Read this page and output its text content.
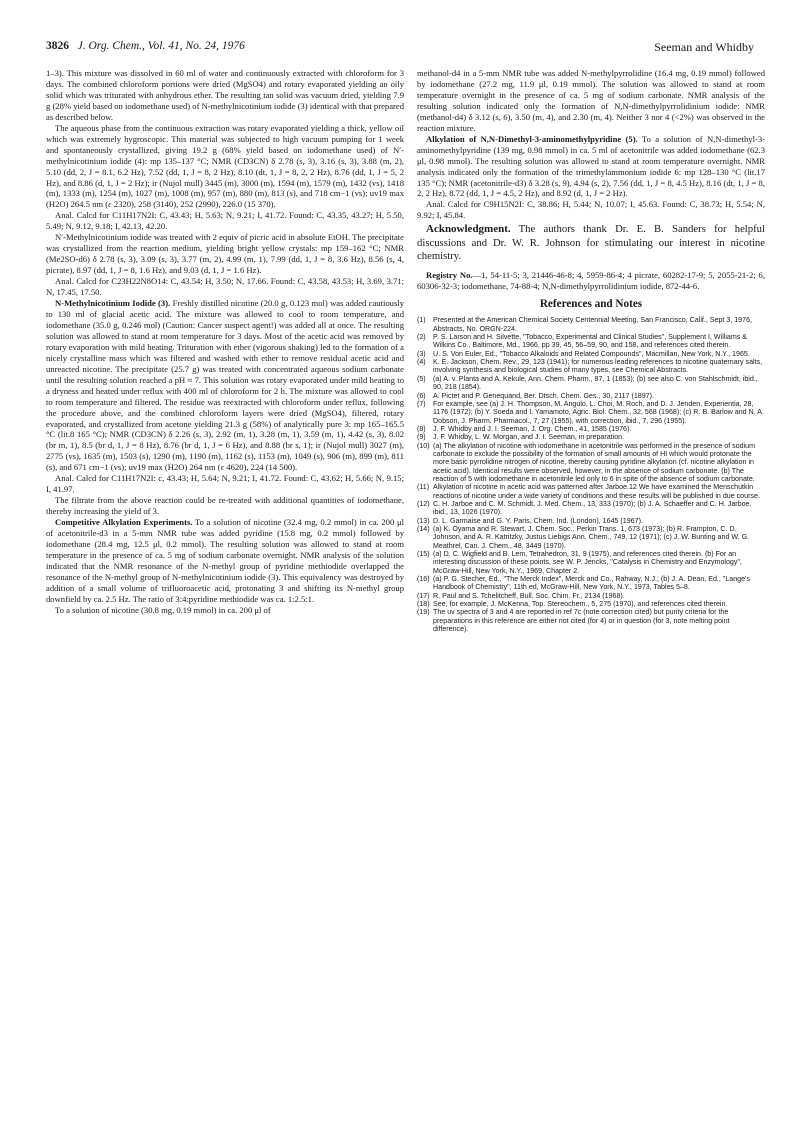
3826 J. Org. Chem., Vol. 41, No. 24, 1976	Seeman and Whidby

1–3). This mixture was dissolved in 60 ml of water and continuously extracted with chloroform for 3 days. The combined chloroform portions were dried (MgSO4) and rotary evaporated yielding an oily solid which was triturated with anhydrous ether. The resulting tan solid was vacuum dried, yielding 7.9 g (28% yield based on iodomethane used) of N-methylnicotinium iodide (3) identical with that prepared as described below.

The aqueous phase from the continuous extraction was rotary evaporated yielding a thick, yellow oil which was extremely hygroscopic. This material was subjected to high vacuum pumping for 1 week and spontaneously crystallized, giving 19.2 g (68% yield based on iodomethane used) of N′-methylnicotinium iodide (4): mp 135–137 °C; NMR (CD3CN) δ 2.78 (s, 3), 3.16 (s, 3), 3.88 (m, 2), 5.10 (dd, 2, J = 8.1, 6.2 Hz), 7.52 (dd, 1, J = 8, 2 Hz), 8.10 (dt, 1, J = 8, 2, 2 Hz), 8.76 (dd, 1, J = 5, 2 Hz), and 8.86 (d, 1, J = 2 Hz); ir (Nujol mull) 3445 (m), 3000 (m), 1594 (m), 1579 (m), 1432 (vs), 1418 (m), 1333 (m), 1254 (m), 1027 (m), 1008 (m), 957 (m), 880 (m), 813 (s), and 718 cm−1 (vs); uv19 max (H2O) 264.5 nm (ε 2320), 258 (3140), 252 (2990), 226.0 (15 370).

Anal. Calcd for C11H17N2I: C, 43.43; H, 5.63; N, 9.21; I, 41.72. Found: C, 43.35, 43.27; H, 5.50, 5.49; N, 9.12, 9.18; I, 42.13, 42.20.

N′-Methylnicotinium iodide was treated with 2 equiv of picric acid in absolute EtOH. The precipitate was crystallized from the reaction medium, yielding bright yellow crystals: mp 159–162 °C; NMR (Me2SO-d6) δ 2.78 (s, 3), 3.09 (s, 3), 3.77 (m, 2), 4.99 (m, 1), 7.99 (dd, 1, J = 8, 3.6 Hz), 8.56 (s, 4, picrate), 8.97 (dd, 1, J = 8, 1.6 Hz), and 9.03 (d, 1, J = 1.6 Hz).

Anal. Calcd for C23H22N8O14: C, 43.54; H, 3.50; N, 17.66. Found: C, 43.58, 43.53; H, 3.69, 3.71; N, 17.45, 17.50.

N-Methylnicotinium Iodide (3). Freshly distilled nicotine (20.0 g, 0.123 mol) was added cautiously to 130 ml of glacial acetic acid. The mixture was allowed to cool to room temperature, and iodomethane (35.0 g, 0.246 mol) (Caution: Cancer suspect agent!) was added all at once. The resulting solution was allowed to stand at room temperature for 3 days. Most of the acetic acid was removed by rotary evaporation with mild heating. Trituration with ether (vigorous shaking) led to the formation of a nicely crystalline mass which was filtered and washed with ether to remove residual acetic acid and unreacted nicotine. The precipitate (25.7 g) was treated with concentrated aqueous sodium carbonate until the resulting solution reached a pH ≈ 7. This solution was rotary evaporated under mild heating to a dryness and heated under reflux with 400 ml of chloroform for 2 h. The mixture was allowed to cool to room temperature and filtered. The residue was reextracted with chloroform under reflux, following the procedure above, and the combined chloroform layers were dried (MgSO4), filtered, rotary evaporated, and crystallized from acetone yielding 21.3 g (58%) of analytically pure 3: mp 165–165.5 °C (lit.8 165 °C); NMR (CD3CN) δ 2.26 (s, 3), 2.92 (m, 1), 3.28 (m, 1), 3.59 (m, 1), 4.42 (s, 3), 8.02 (br m, 1), 8.5 (br d, 1, J = 8 Hz), 8.76 (br d, 1, J = 6 Hz), and 8.88 (br s, 1); ir (Nujol mull) 3027 (m), 2775 (vs), 1635 (m), 1503 (s), 1290 (m), 1190 (m), 1162 (s), 1153 (m), 1049 (s), 906 (m), 899 (m), 811 (s), and 671 cm−1 (vs); uv19 max (H2O) 264 nm (ε 4620), 224 (14 500).

Anal. Calcd for C11H17N2I: c, 43.43; H, 5.64; N, 9.21; I, 41.72. Found: C, 43.62; H, 5.66; N, 9.15; I, 41.97.

The filtrate from the above reaction could be re-treated with additional quantities of iodomethane, thereby increasing the yield of 3.

Competitive Alkylation Experiments. To a solution of nicotine (32.4 mg, 0.2 mmol) in ca. 200 μl of acetonitrile-d3 in a 5-mm NMR tube was added pyridine (15.8 mg, 0.2 mmol) followed by iodomethane (28.4 mg, 12.5 μl, 0.2 mmol). The resulting solution was allowed to stand at room temperature in the presence of ca. 5 mg of sodium carbonate overnight. NMR analysis of the solution indicated that the NMR resonance of the N-methyl group of pyridine methiodide overlapped the resonance of the N-methyl group of N-methylnicotinium iodide (3). This equivalency was destroyed by addition of a small volume of trifluoroacetic acid, protonating 3 and shifting its N-methyl group downfield by ca. 2.5 Hz. The ratio of 3:4:pyridine methiodide was ca. 1:2.5:1.

To a solution of nicotine (30.8 mg, 0.19 mmol) in ca. 200 μl of

methanol-d4 in a 5-mm NMR tube was added N-methylpyrrolidine (16.4 mg, 0.19 mmol) followed by iodomethane (27.2 mg, 11.9 μl, 0.19 mmol). The solution was allowed to stand at room temperature overnight in the presence of ca. 5 mg of sodium carbonate. NMR analysis of the resulting solution indicated only the formation of N,N-dimethylpyrrolidinium iodide: NMR (methanol-d4) δ 3.12 (s, 6), 3.50 (m, 4), and 2.30 (m, 4). Neither 3 nor 4 (<2%) was observed in the reaction mixture.

Alkylation of N,N-Dimethyl-3-aminomethylpyridine (5). To a solution of N,N-dimethyl-3-aminomethylpyridine (139 mg, 0.98 mmol) in ca. 5 ml of acetonitrile was added iodomethane (62.3 μl, 0.98 mmol). The resulting solution was allowed to stand at room temperature overnight. NMR analysis indicated only the formation of the trimethylammonium iodide 6: mp 128–130 °C (lit.17 135 °C); NMR (acetonitrile-d3) δ 3.28 (s, 9), 4.94 (s, 2), 7.56 (dd, 1, J = 8, 4.5 Hz), 8.16 (dt, 1, J = 8, 2, 2 Hz), 8.72 (dd, 1, J = 4.5, 2 Hz), and 8.92 (d, 1, J = 2 Hz).

Anal. Calcd for C9H15N2I: C, 38.86; H, 5.44; N, 10.07; I, 45.63. Found: C, 38.73; H, 5.54; N, 9.92; I, 45.84.

Acknowledgment. The authors thank Dr. E. B. Sanders for helpful discussions and Dr. W. R. Johnson for stimulating our interest in nicotine chemistry.

Registry No.—1, 54-11-5; 3, 21446-46-8; 4, 5959-86-4; 4 picrate, 60282-17-9; 5, 2055-21-2; 6, 60306-32-3; iodomethane, 74-88-4; N,N-dimethylpyrrolidinium iodide, 872-44-6.

References and Notes
(1) Presented at the American Chemical Society Centennial Meeting, San Francisco, Calif., Sept 3, 1976, Abstracts, No. ORGN-224.
(2) P. S. Larson and H. Silvette, "Tobacco, Experimental and Clinical Studies", Supplement I, Williams & Wilkins Co., Baltimore, Md., 1966, pp 39, 45, 56–59, 90, and 158, and references cited therein.
(3) U. S. Von Euler, Ed., "Tobacco Alkaloids and Related Compounds", Macmillan, New York, N.Y., 1965.
(4) K. E. Jackson, Chem. Rev., 29, 123 (1941); for numerous leading references to nicotine quaternary salts, involving synthesis and biological studies of many types, see Chemical Abstracts.
(5) (a) A. v. Planta and A. Kekule, Ann. Chem. Pharm., 87, 1 (1853); (b) see also C. von Stahlschmidt, ibid., 90, 218 (1854).
(6) A. Pictet and P. Genequand, Ber. Dtsch. Chem. Ges., 30, 2117 (1897).
(7) For example, see (a) J. H. Thompson, M. Angulo, L. Choi, M. Roch, and D. J. Jenden, Experientia, 28, 1176 (1972); (b) Y. Soeda and I. Yamamoto, Agric. Biol. Chem., 32, 568 (1968); (c) R. B. Barlow and N. A. Dobson, J. Pharm. Pharmacol., 7, 27 (1955), with correction, ibid., 7, 296 (1955).
(8) J. F. Whidby and J. I. Seeman, J. Org. Chem., 41, 1585 (1976).
(9) J. F. Whidby, L. W. Morgan, and J. I. Seeman, in preparation.
(10) (a) The alkylation of nicotine with iodomethane in acetonitrile was performed in the presence of sodium carbonate to exclude the possibility of the formation of small amounts of HI which would protonate the more basic pyrrolidine nitrogen of nicotine, thereby causing pyridine alkylation (cf. nicotine alkylation in acetic acid). Identical results were observed, however, in the absence of sodium carbonate. (b) The reaction of 5 with iodomethane in acetonitrile led only to 6 in spite of the absence of sodium carbonate.
(11) Alkylation of nicotine in acetic acid was patterned after Jarboe.12 We have examined the Menschutkin reactions of nicotine under a wide variety of conditions and these results will be published in due course.
(12) C. H. Jarboe and C. M. Schmidt, J. Med. Chem., 13, 333 (1970); (b) J. A. Schaeffer and C. H. Jarboe, ibid., 13, 1026 (1970).
(13) D. L. Garmaise and G. Y. Paris, Chem. Ind. (London), 1645 (1967).
(14) (a) K. Oyama and R. Stewart, J. Chem. Soc., Perkin Trans. 1, 673 (1973); (b) R. Frampton, C. D. Johnson, and A. R. Katritzky, Justus Liebigs Ann. Chem., 749, 12 (1971); (c) J. W. Bunting and W. G. Meathrel, Can. J. Chem., 48, 3449 (1970).
(15) (a) D. C. Wigfield and B. Lem, Tetrahedron, 31, 9 (1975), and references cited therein. (b) For an interesting discussion of these points, see W. P. Jencks, "Catalysis in Chemistry and Enzymology", McGraw-Hill, New York, N.Y., 1969, Chapter 2.
(16) (a) P. G. Stecher, Ed., "The Merck Index", Merck and Co., Rahway, N.J.; (b) J. A. Dean, Ed., "Lange's Handbook of Chemistry", 11th ed, McGraw-Hill, New York, N.Y., 1973, Tables 5–8.
(17) R. Paul and S. Tchelitcheff, Bull. Soc. Chim. Fr., 2134 (1968).
(18) See, for example, J. McKenna, Top. Stereochem., 5, 275 (1970), and references cited therein.
(19) The uv spectra of 3 and 4 are reported in ref 7c (note correction cited) but purity criteria for the preparations in this reference are either not cited (for 4) or in question (for 3, note melting point difference).
